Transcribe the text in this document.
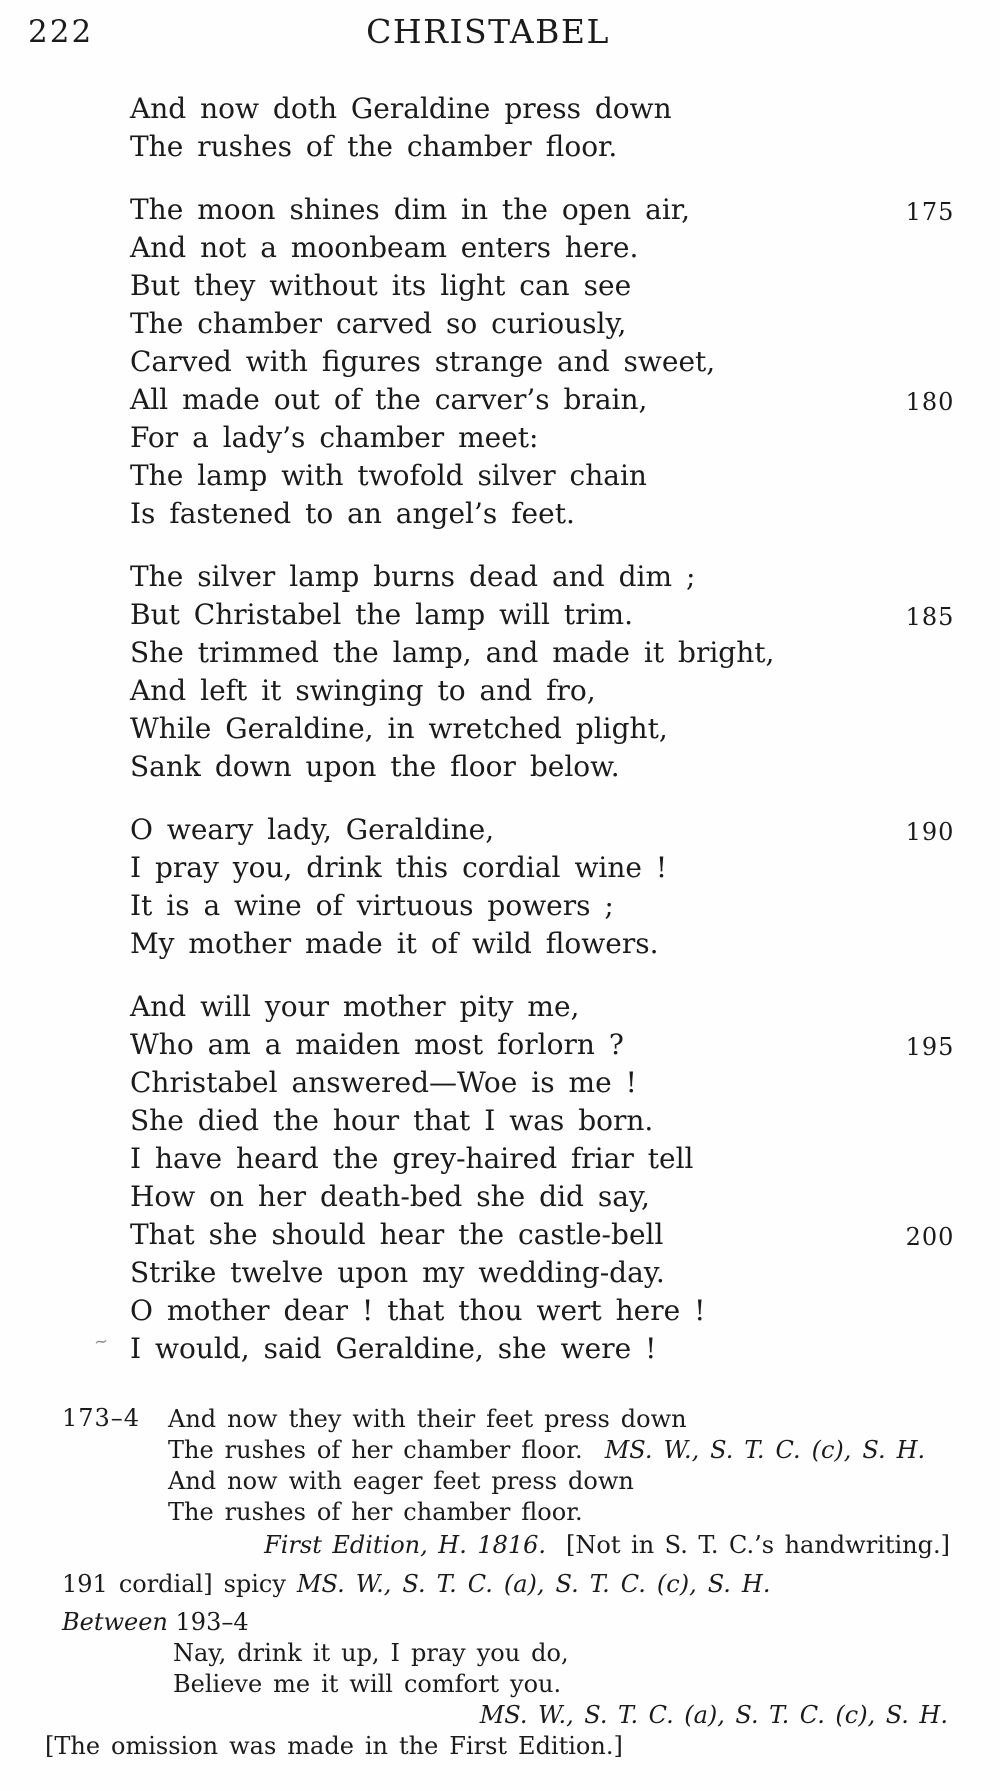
222	CHRISTABEL
And now doth Geraldine press down
The rushes of the chamber floor.
The moon shines dim in the open air,	175
And not a moonbeam enters here.
But they without its light can see
The chamber carved so curiously,
Carved with figures strange and sweet,
All made out of the carver’s brain,	180
For a lady’s chamber meet:
The lamp with twofold silver chain
Is fastened to an angel’s feet.
The silver lamp burns dead and dim ;
But Christabel the lamp will trim.	185
She trimmed the lamp, and made it bright,
And left it swinging to and fro,
While Geraldine, in wretched plight,
Sank down upon the floor below.
O weary lady, Geraldine,	190
I pray you, drink this cordial wine !
It is a wine of virtuous powers ;
My mother made it of wild flowers.
And will your mother pity me,
Who am a maiden most forlorn ?	195
Christabel answered—Woe is me !
She died the hour that I was born.
I have heard the grey-haired friar tell
How on her death-bed she did say,
That she should hear the castle-bell	200
Strike twelve upon my wedding-day.
O mother dear ! that thou wert here !
I would, said Geraldine, she were !
~
173–4 And now they with their feet press down
The rushes of her chamber floor. MS. W., S. T. C. (c), S. H.
And now with eager feet press down
The rushes of her chamber floor.
First Edition, H. 1816. [Not in S. T. C.’s handwriting.]
191 cordial] spicy MS. W., S. T. C. (a), S. T. C. (c), S. H.
Between 193–4
Nay, drink it up, I pray you do,
Believe me it will comfort you.
MS. W., S. T. C. (a), S. T. C. (c), S. H.
[The omission was made in the First Edition.]
